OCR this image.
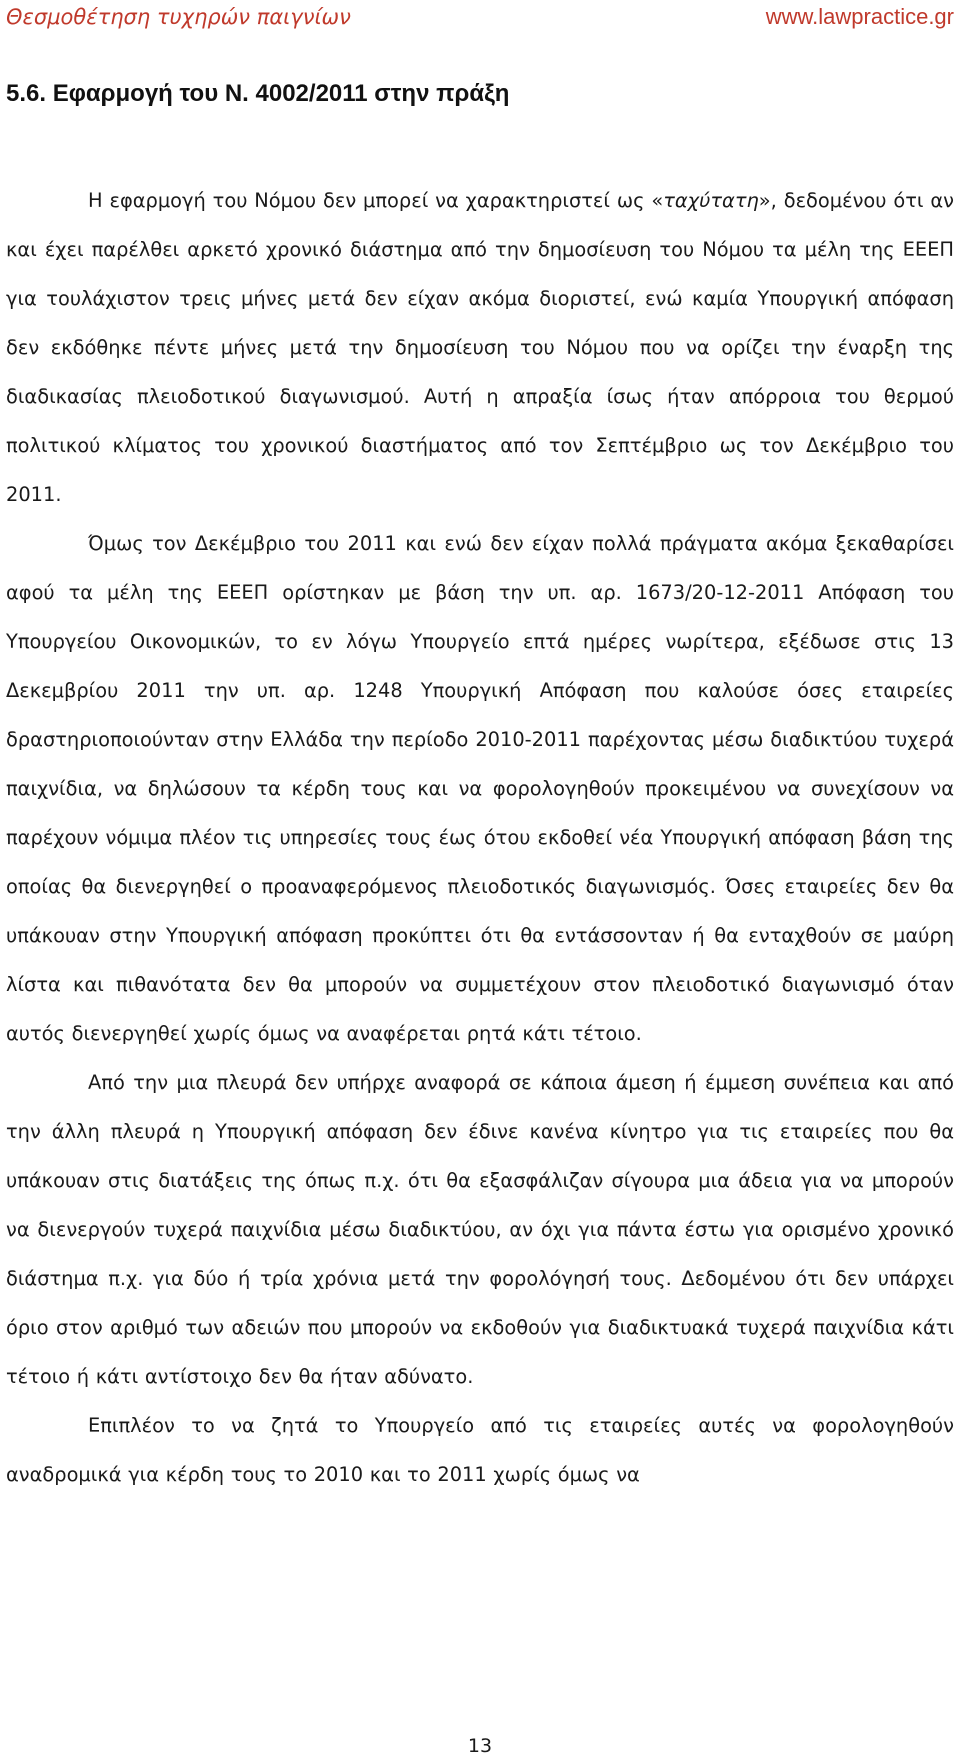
Θεσμοθέτηση τυχηρών παιγνίων	www.lawpractice.gr
5.6. Εφαρμογή του Ν. 4002/2011 στην πράξη

Η εφαρμογή του Νόμου δεν μπορεί να χαρακτηριστεί ως «ταχύτατη», δεδομένου ότι αν και έχει παρέλθει αρκετό χρονικό διάστημα από την δημοσίευση του Νόμου τα μέλη της ΕΕΕΠ για τουλάχιστον τρεις μήνες μετά δεν είχαν ακόμα διοριστεί, ενώ καμία Υπουργική απόφαση δεν εκδόθηκε πέντε μήνες μετά την δημοσίευση του Νόμου που να ορίζει την έναρξη της διαδικασίας πλειοδοτικού διαγωνισμού. Αυτή η απραξία ίσως ήταν απόρροια του θερμού πολιτικού κλίματος του χρονικού διαστήματος από τον Σεπτέμβριο ως τον Δεκέμβριο του 2011.

Όμως τον Δεκέμβριο του 2011 και ενώ δεν είχαν πολλά πράγματα ακόμα ξεκαθαρίσει αφού τα μέλη της ΕΕΕΠ ορίστηκαν με βάση την υπ. αρ. 1673/20-12-2011 Απόφαση του Υπουργείου Οικονομικών, το εν λόγω Υπουργείο επτά ημέρες νωρίτερα, εξέδωσε στις 13 Δεκεμβρίου 2011 την υπ. αρ. 1248 Υπουργική Απόφαση που καλούσε όσες εταιρείες δραστηριοποιούνταν στην Ελλάδα την περίοδο 2010-2011 παρέχοντας μέσω διαδικτύου τυχερά παιχνίδια, να δηλώσουν τα κέρδη τους και να φορολογηθούν προκειμένου να συνεχίσουν να παρέχουν νόμιμα πλέον τις υπηρεσίες τους έως ότου εκδοθεί νέα Υπουργική απόφαση βάση της οποίας θα διενεργηθεί ο προαναφερόμενος πλειοδοτικός διαγωνισμός. Όσες εταιρείες δεν θα υπάκουαν στην Υπουργική απόφαση προκύπτει ότι θα εντάσσονταν ή θα ενταχθούν σε μαύρη λίστα και πιθανότατα δεν θα μπορούν να συμμετέχουν στον πλειοδοτικό διαγωνισμό όταν αυτός διενεργηθεί χωρίς όμως να αναφέρεται ρητά κάτι τέτοιο.

Από την μια πλευρά δεν υπήρχε αναφορά σε κάποια άμεση ή έμμεση συνέπεια και από την άλλη πλευρά η Υπουργική απόφαση δεν έδινε κανένα κίνητρο για τις εταιρείες που θα υπάκουαν στις διατάξεις της όπως π.χ. ότι θα εξασφάλιζαν σίγουρα μια άδεια για να μπορούν να διενεργούν τυχερά παιχνίδια μέσω διαδικτύου, αν όχι για πάντα έστω για ορισμένο χρονικό διάστημα π.χ. για δύο ή τρία χρόνια μετά την φορολόγησή τους. Δεδομένου ότι δεν υπάρχει όριο στον αριθμό των αδειών που μπορούν να εκδοθούν για διαδικτυακά τυχερά παιχνίδια κάτι τέτοιο ή κάτι αντίστοιχο δεν θα ήταν αδύνατο.

Επιπλέον το να ζητά το Υπουργείο από τις εταιρείες αυτές να φορολογηθούν αναδρομικά για κέρδη τους το 2010 και το 2011 χωρίς όμως να

13
